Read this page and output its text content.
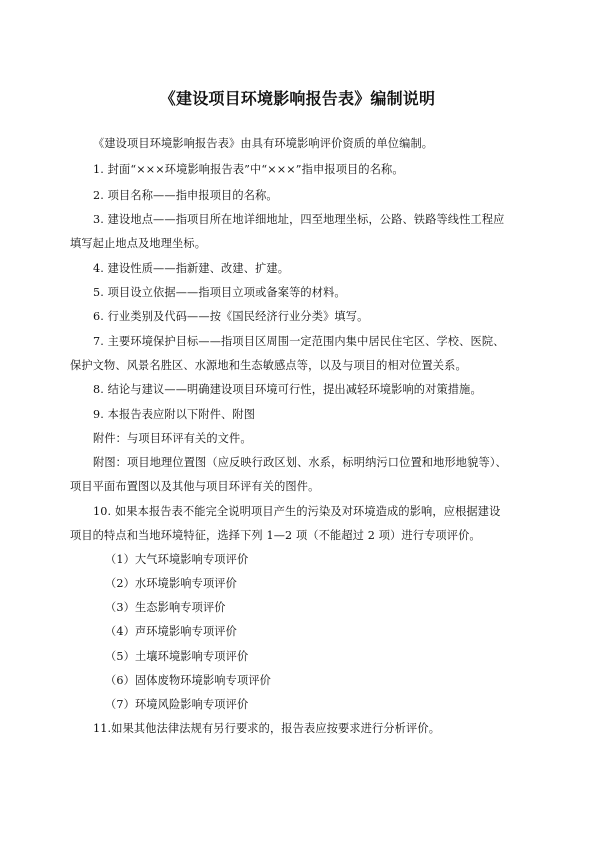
《建设项目环境影响报告表》编制说明
《建设项目环境影响报告表》由具有环境影响评价资质的单位编制。
1. 封面“×××环境影响报告表”中“×××”指申报项目的名称。
2. 项目名称——指申报项目的名称。
3. 建设地点——指项目所在地详细地址，四至地理坐标，公路、铁路等线性工程应
填写起止地点及地理坐标。
4. 建设性质——指新建、改建、扩建。
5. 项目设立依据——指项目立项或备案等的材料。
6. 行业类别及代码——按《国民经济行业分类》填写。
7. 主要环境保护目标——指项目区周围一定范围内集中居民住宅区、学校、医院、
保护文物、风景名胜区、水源地和生态敏感点等，以及与项目的相对位置关系。
8. 结论与建议——明确建设项目环境可行性，提出减轻环境影响的对策措施。
9. 本报告表应附以下附件、附图
附件：与项目环评有关的文件。
附图：项目地理位置图（应反映行政区划、水系，标明纳污口位置和地形地貌等）、
项目平面布置图以及其他与项目环评有关的图件。
10. 如果本报告表不能完全说明项目产生的污染及对环境造成的影响，应根据建设
项目的特点和当地环境特征，选择下列 1—2 项（不能超过 2 项）进行专项评价。
（1）大气环境影响专项评价
（2）水环境影响专项评价
（3）生态影响专项评价
（4）声环境影响专项评价
（5）土壤环境影响专项评价
（6）固体废物环境影响专项评价
（7）环境风险影响专项评价
11.如果其他法律法规有另行要求的，报告表应按要求进行分析评价。
